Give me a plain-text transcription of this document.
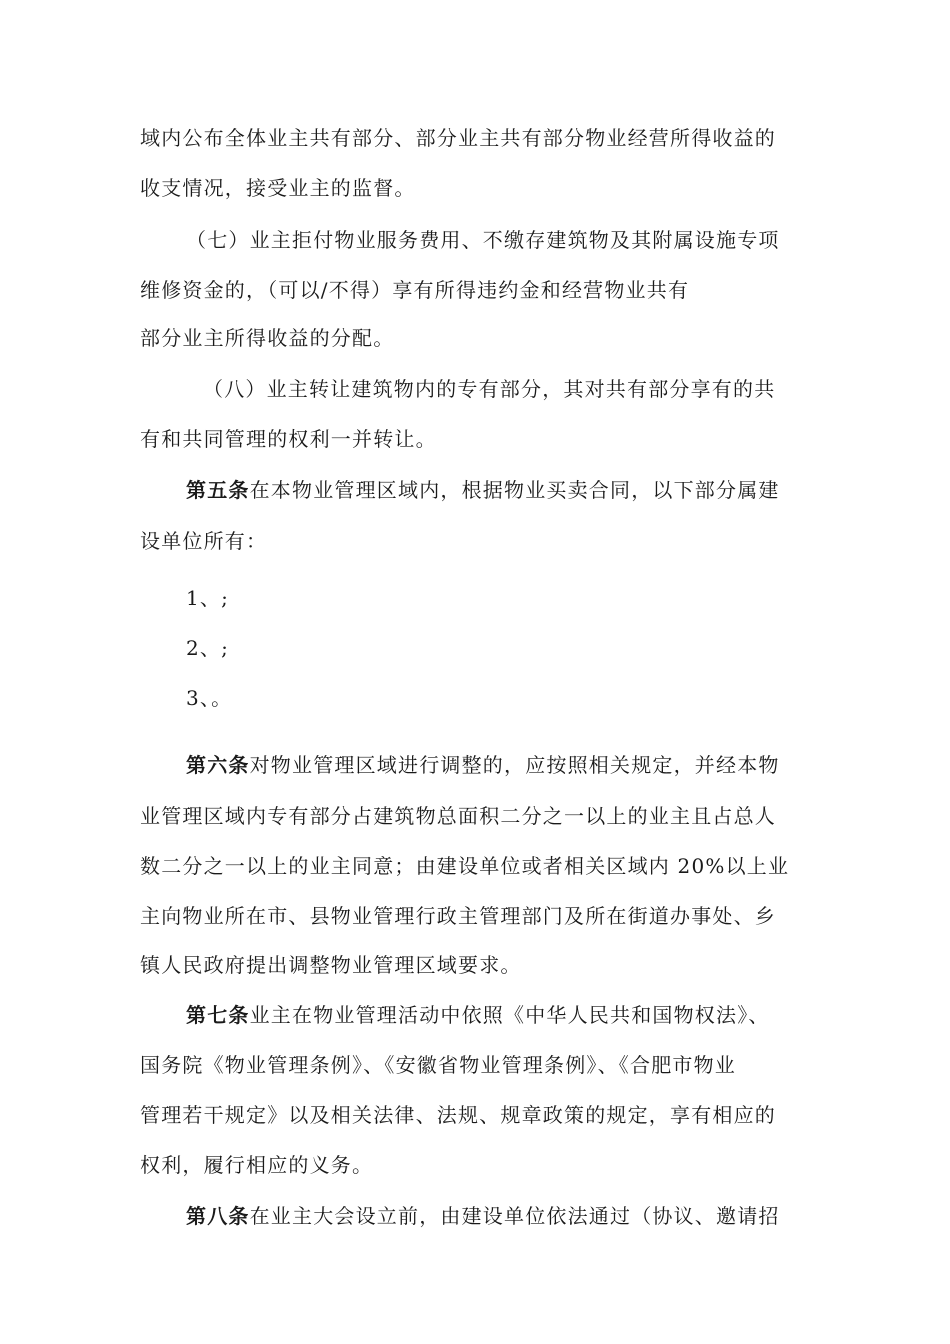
域内公布全体业主共有部分、部分业主共有部分物业经营所得收益的
收支情况，接受业主的监督。
（七）业主拒付物业服务费用、不缴存建筑物及其附属设施专项
维修资金的，（可以/不得）享有所得违约金和经营物业共有
部分业主所得收益的分配。
（八）业主转让建筑物内的专有部分，其对共有部分享有的共
有和共同管理的权利一并转让。
第五条在本物业管理区域内，根据物业买卖合同，以下部分属建
设单位所有：
1、;
2、;
3、。
第六条对物业管理区域进行调整的，应按照相关规定，并经本物
业管理区域内专有部分占建筑物总面积二分之一以上的业主且占总人
数二分之一以上的业主同意；由建设单位或者相关区域内 20%以上业
主向物业所在市、县物业管理行政主管理部门及所在街道办事处、乡
镇人民政府提出调整物业管理区域要求。
第七条业主在物业管理活动中依照《中华人民共和国物权法》、
国务院《物业管理条例》、《安徽省物业管理条例》、《合肥市物业
管理若干规定》以及相关法律、法规、规章政策的规定，享有相应的
权利，履行相应的义务。
第八条在业主大会设立前，由建设单位依法通过（协议、邀请招
